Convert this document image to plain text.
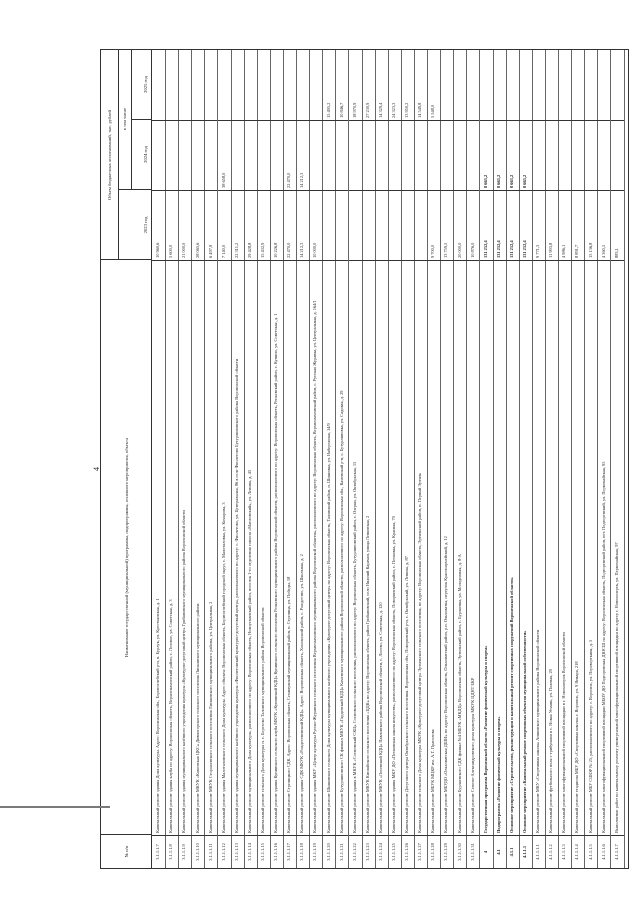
4
№ п/п
Наименование государственной (муниципальной) программы, подпрограммы, основного мероприятия, объекта
Объем бюджетных ассигнований, тыс. рублей	в том числе
2023 год
2024 год
2025 год
3.1.1.1.7
Капитальный ремонт здания Дома культуры. Адрес: Воронежская обл., Борисоглебский р-н, п. Бурлук, ул. Крестьянская, д. 1
10 960,6
3.1.1.1.8
Капитальный ремонт здания клуба по адресу: Воронежская область, Верхнемамонский район, с. Лозовое, ул. Советская, д. 3
5 600,0
3.1.1.1.9
Капитальный ремонт здания муниципального казённого учреждения культуры «Культурно-досуговый центр» Грибановского муниципального района Воронежской области
21 000,0
3.1.1.1.10
Капитальный ремонт МКУК «Каменская ЦКС» Дивногорского сельского поселения Лискинского муниципального района
28 065,6
3.1.1.1.11
Капитальный ремонт МКУК Сторожевского сельского поселения Лискинского муниципального района, ул. Центральная, 2
6 497,9
3.1.1.1.12
Капитальный ремонт здания Малоталовского сельского Дома культуры. Адрес объекта: Воронежская область, Борисоглебский городской округ, с. Малоталовка, ул. Комарова, 3
7 140,0
38 658,0
3.1.1.1.13
Капитальный ремонт здания муниципального казённого учреждения культуры «Фиолетовский культурно-досуговый центр», расположенного по адресу: с. Фиолетово, ул. Центральная, 86 в селе Фиолетово Бутурлиновского района Воронежской области
22 311,2
3.1.1.1.14
Капитальный ремонт муниципального Дома культуры, расположенного по адресу: Воронежская область, Новоусманский район, поселок 1-го отделения совхоза «Масловский», ул. Ленина, д. 43
29 428,8
3.1.1.1.15
Капитальный ремонт сельского Дома культуры п. с. Березово Таловского муниципального района Воронежской области
15 432,9
3.1.1.1.16
Капитальный ремонт здания Купинского сельского клуба МКУК «Купинский КДЦ» Купинского сельского поселения Репьевского муниципального района Воронежской области, расположенного по адресу: Воронежская область, Репьевский район, с. Купино, ул. Советская, д. 1
10 226,8
3.1.1.1.17
Капитальный ремонт Стрелицкого СДК. Адрес: Воронежская область, Семилукский муниципальный район, п. Стрелица, ул. Победы, 18
22 470,0
22 470,0
3.1.1.1.18
Капитальный ремонт здания СДК МКУК «Рождественский КДЦ». Адрес: Воронежская область, Хохольский район, с. Рождество, ул. Школьная, д. 2
14 212,3
14 212,3
3.1.1.1.19
Капитальный ремонт здания МКУ «Центр культуры Русско-Журавского сельского поселения Верхнемамонского муниципального района Воронежской области», расположенного по адресу: Воронежская область, Верхнемамонский район, с. Русская Журавка, ул. Центральная, д. 164/1
10 000,0
3.1.1.1.20
Капитальный ремонт Шишовского сельского Дома культуры муниципального казённого учреждения «Культурно-досуговый центр» по адресу: Воронежская область, Таловский район, п. Шишовка, ул. Набережная, 14/9
15 495,2
3.1.1.1.21
Капитальный ремонт Бутурлиновского СК филиал МКУК «Гарденский КДЦ» Каменского муниципального района Воронежской области, расположенного по адресу: Воронежская обл., Каменский р-н, с. Бутурлиновка, ул. Садовая, д. 29
10 846,7
3.1.1.1.22
Капитальный ремонт здания в МКУК «Сосновский СКЦ» Сосновского сельского поселения, расположенного по адресу: Воронежская область, Бутурлиновский район, с. Озерки, ул. Октябрьская, 15
18 970,9
3.1.1.1.23
Капитальный ремонт МКУК Кисляйского сельского поселения «ЦДК» по адресу: Воронежская область, район Грибановский, село Нижний Карачан, улица Ленинская, 2
27 230,9
3.1.1.1.24
Капитальный ремонт МКУК «Лосевский КДЦ» Павловского района Воронежской области, с. Лосево, ул. Советская, д. 120
14 329,4
3.1.1.1.25
Капитальный ремонт здания МКУ ДО «Песковская школа искусств», расположенного по адресу: Воронежская область, Поворинский район, с. Песковка, ул. Красная, 70
24 323,3
3.1.1.1.26
Капитальный ремонт Досугового центра Октябрьского сельского поселения. Воронежская обл., Поворинский р-н, с. Октябрьский, ул. Ленина, д. 87
13 950,2
3.1.1.1.27
Капитальный ремонт сельского Дома культуры МКУК «Культурно-досуговый центр» Эртильского сельского поселения, по адресу: Воронежская область, Эртильский район, п. Первый Эртиль
14 549,8
3.1.1.1.28
Капитальный ремонт МБУК МЦКР им. А.Т. Прасолова
9 700,0
5 548,0
3.1.1.1.29
Капитальный ремонт МБУДО «Ольховатская ДШИ» по адресу: Воронежская область, Ольховатский район, р.п. Ольховатка, переулок Красноармейский, д. 12
13 759,5
3.1.1.1.30
Капитальный ремонт Бурляевского СДК филиал №4 МБУК «МКДЦ» Воронежская область, Эртильский район, с. Бурляевка, ул. Молодежная, д. 8-А
20 000,0
3.1.1.1.31
Капитальный ремонт Семено-Александровского дома культуры МКУК ЦДНТ БКР
10 876,0
4
Государственная программа Воронежской области «Развитие физической культуры и спорта»
131 252,4
8 663,2
4.1
Подпрограмма «Развитие физической культуры и спорта»
131 252,4
8 663,2
4.1.1
Основное мероприятие «Строительство, реконструкция и капитальный ремонт спортивных сооружений Воронежской области»
131 252,4
8 663,2
4.1.1.1
Основное мероприятие «Капитальный ремонт спортивных объектов муниципальной собственности»
131 252,4
8 663,2
4.1.1.1.1
Капитальный ремонт МКУ «Спортивная школа» Аннинского муниципального района Воронежской области
9 771,3
4.1.1.1.2
Капитальный ремонт футбольного поля с трибунами в с. Новая Усмань, ул. Полевая, 29
11 993,8
4.1.1.1.3
Капитальный ремонт многофункциональной спортивной площадки в г. Новохоперск Воронежской области
4 986,1
4.1.1.1.4
Капитальный ремонт стадиона МБУ ДО «Спортивная школа» г. Воронеж, ул. 9 Января, 218
8 891,7
4.1.1.1.5
Капитальный ремонт МБУ СШОР № 25, расположенного по адресу: г. Воронеж, ул. Переверткина, д. 5
15 136,8
4.1.1.1.6
Капитальный ремонт многофункциональной спортивной площадки МБОУ ДО Подгоренская ДЮСШ по адресу: Воронежская область, Подгоренский район, пгт. Подгоренский, ул. Первомайская, 95
4 360,5
4.1.1.1.7
Выполнение работ по капитальному ремонту универсальной многофункциональной спортивной площадки по адресу г. Новохоперск, ул. Первомайская, 97
883,1
